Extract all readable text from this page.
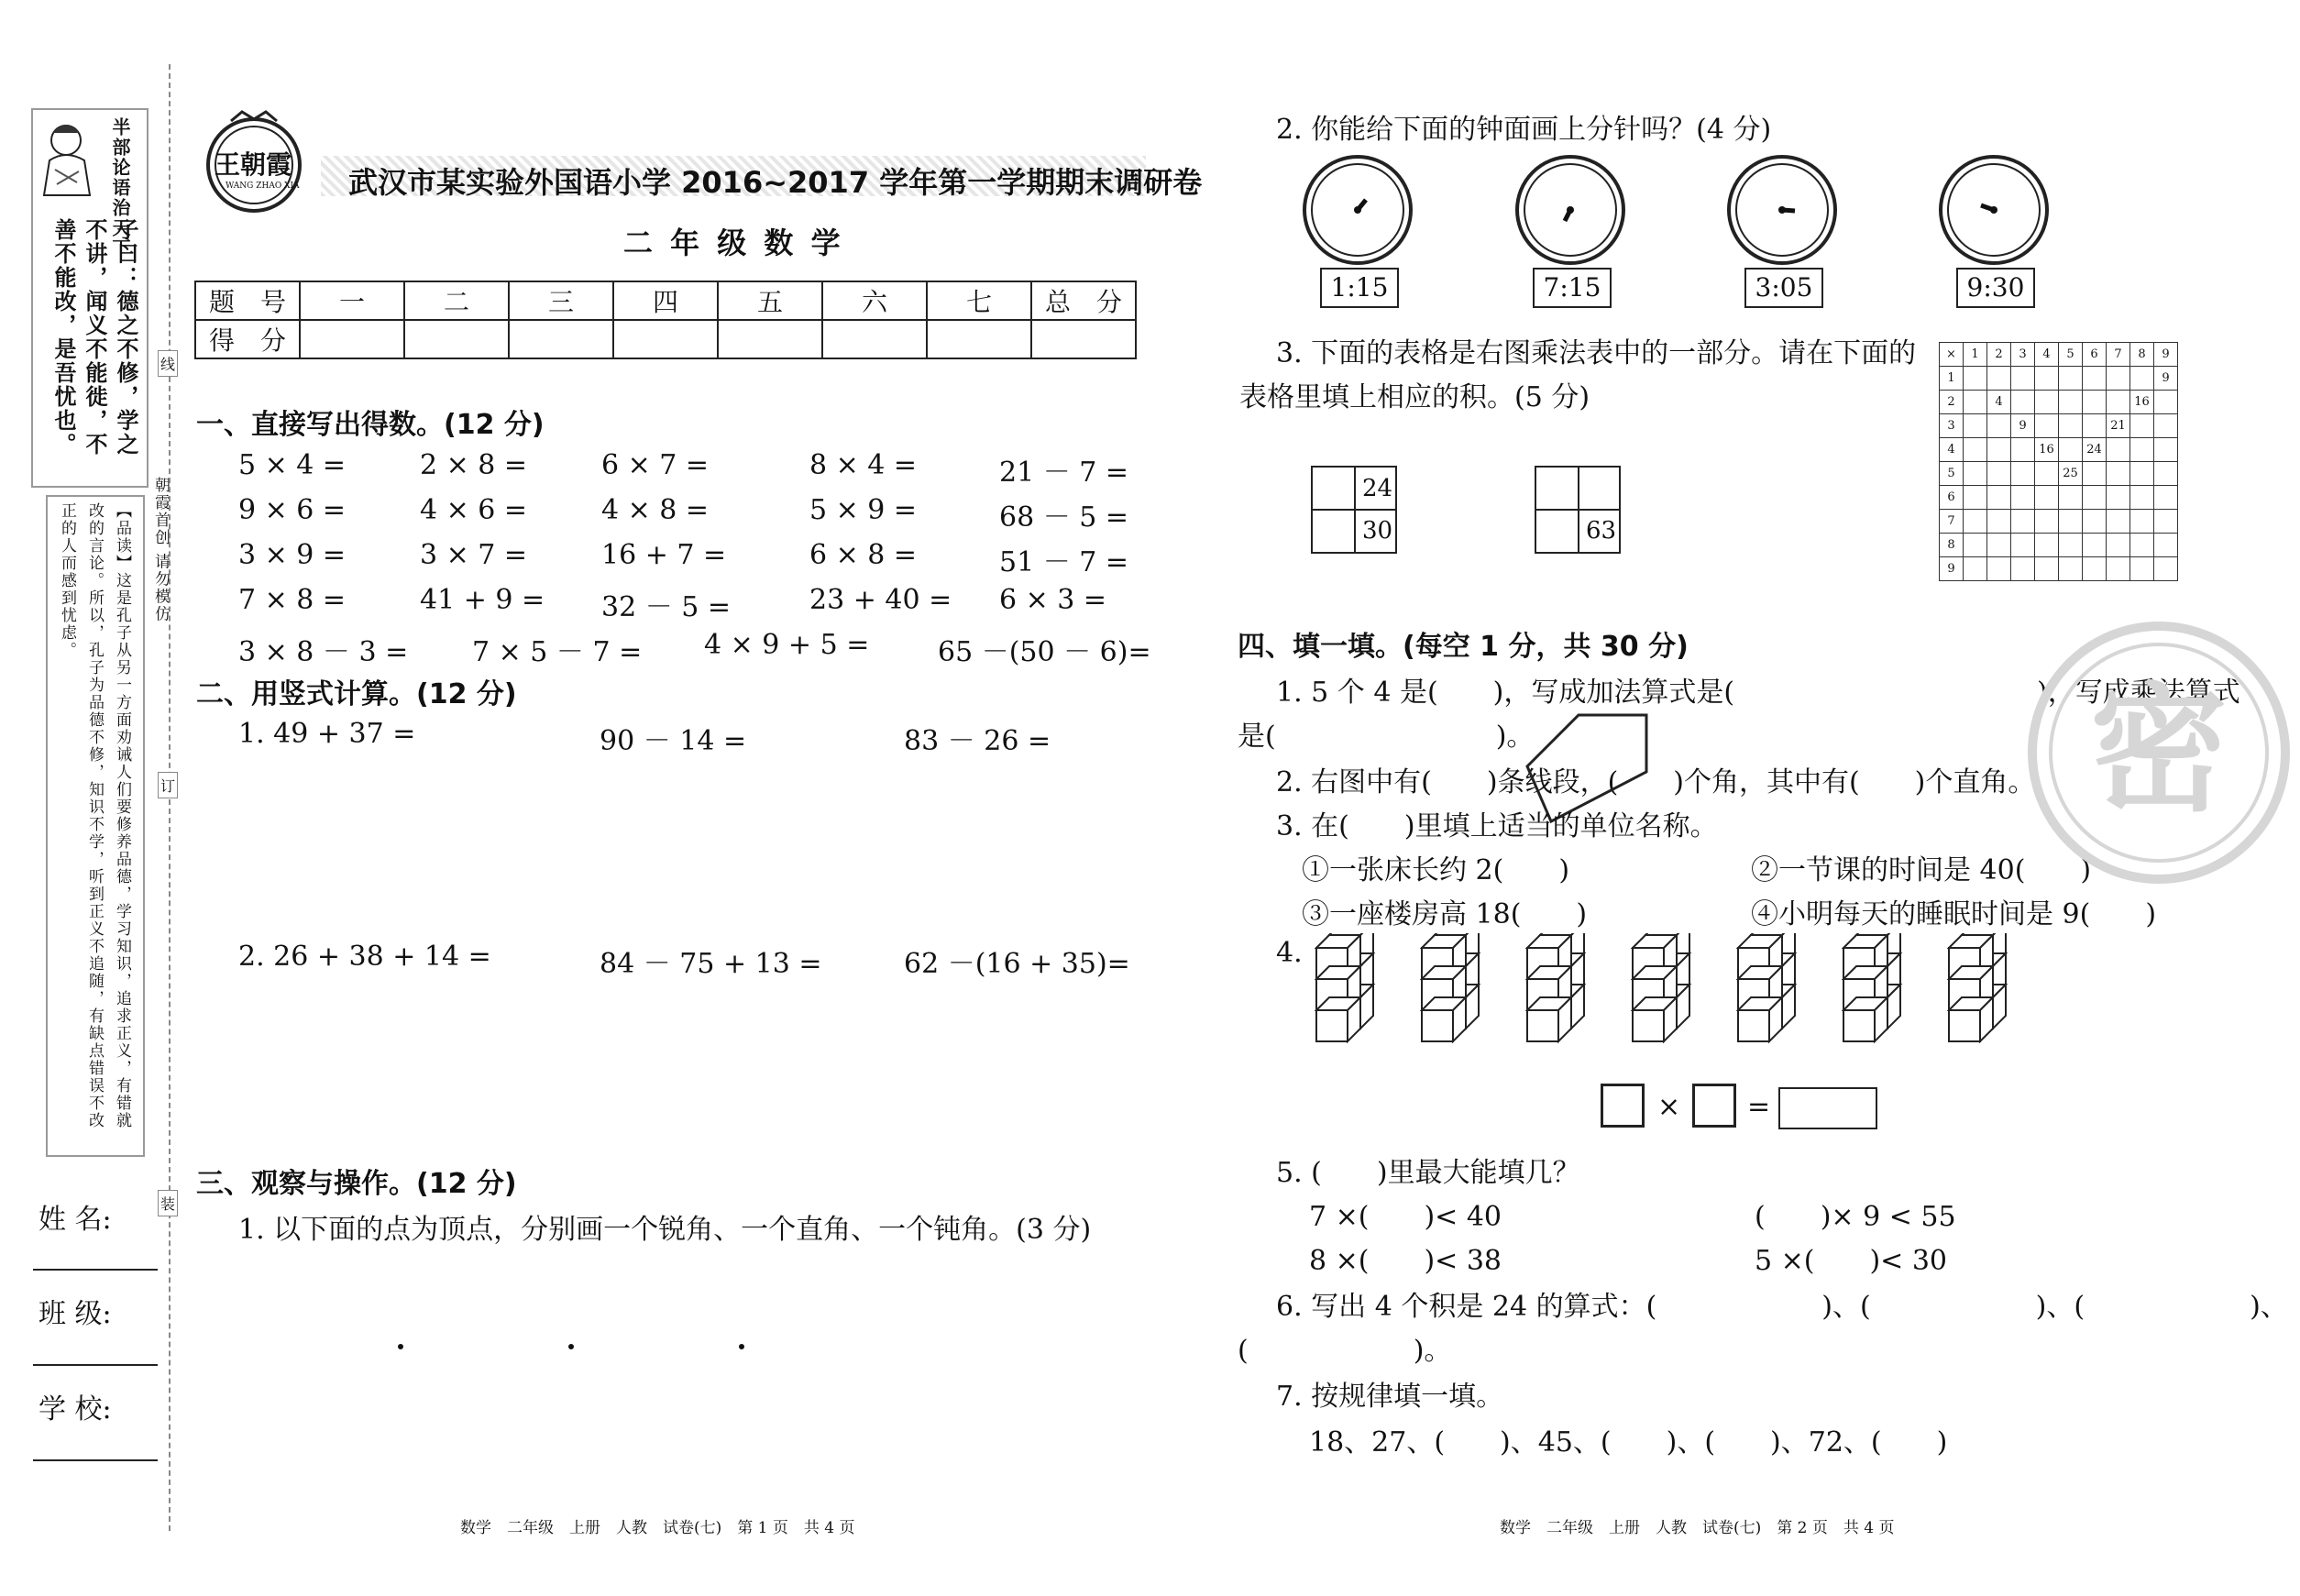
半部论语治天下
子曰：德之不修，学之不讲，闻义不能徙，不善不能改，是吾忧也。
【品读】这是孔子从另一方面劝诫人们要修养品德，学习知识，追求正义，有错就改的言论。所以，孔子为品德不修，知识不学，听到正义不追随，有缺点错误不改正的人而感到忧虑。	朝霞首创 请勿模仿
线
订
装
姓 名:
班 级:
学 校:
王朝霞
WANG ZHAO XIA 武汉市某实验外国语小学 2016~2017 学年第一学期期末调研卷
二 年 级 数 学
题　号	一	二	三	四	五	六	七	总　分
得　分								
一、直接写出得数。(12 分)
5 × 4 =	2 × 8 =	6 × 7 =	8 × 4 =	21 － 7 =
9 × 6 =	4 × 6 =	4 × 8 =	5 × 9 =	68 － 5 =
3 × 9 =	3 × 7 =	16 + 7 =	6 × 8 =	51 － 7 =
7 × 8 =	41 + 9 = 32 － 5 =	23 + 40 = 6 × 3 =
3 × 8 － 3 = 7 × 5 － 7 = 4 × 9 + 5 = 65 －(50 － 6)=
二、用竖式计算。(12 分)
1. 49 + 37 =	90 － 14 =	83 － 26 =
2. 26 + 38 + 14 =	84 － 75 + 13 =	62 －(16 + 35)=
三、观察与操作。(12 分)
1. 以下面的点为顶点，分别画一个锐角、一个直角、一个钝角。(3 分)
数学　二年级　上册　人教　试卷(七)　第 1 页　共 4 页
2. 你能给下面的钟面画上分针吗？(4 分)
1:15	7:15	3:05	9:30
3. 下面的表格是右图乘法表中的一部分。请在下面的
表格里填上相应的积。(5 分)
24
30	63
×	1	2	3	4	5	6	7	8	9
1									9
2		4						16	
3			9				21		
4				16		24			
5					25				
6									
7									
8									
9									
四、填一填。(每空 1 分，共 30 分)
1. 5 个 4 是(　　)，写成加法算式是(　　　　　　　　　　　)，写成乘法算式
是(　　　　　　　　)。
2. 右图中有(　　)条线段，(　　)个角，其中有(　　)个直角。
3. 在(　　)里填上适当的单位名称。
①一张床长约 2(　　)	②一节课的时间是 40(　　)
③一座楼房高 18(　　)	④小明每天的睡眠时间是 9(　　)
4.
× =
5. (　　)里最大能填几？
7 ×(　　)< 40	(　　)× 9 < 55
8 ×(　　)< 38	5 ×(　　)< 30
6. 写出 4 个积是 24 的算式：(　　　　　　)、(　　　　　　)、(　　　　　　)、
(　　　　　　)。
7. 按规律填一填。
18、27、(　　)、45、(　　)、(　　)、72、(　　)
密
数学　二年级　上册　人教　试卷(七)　第 2 页　共 4 页
